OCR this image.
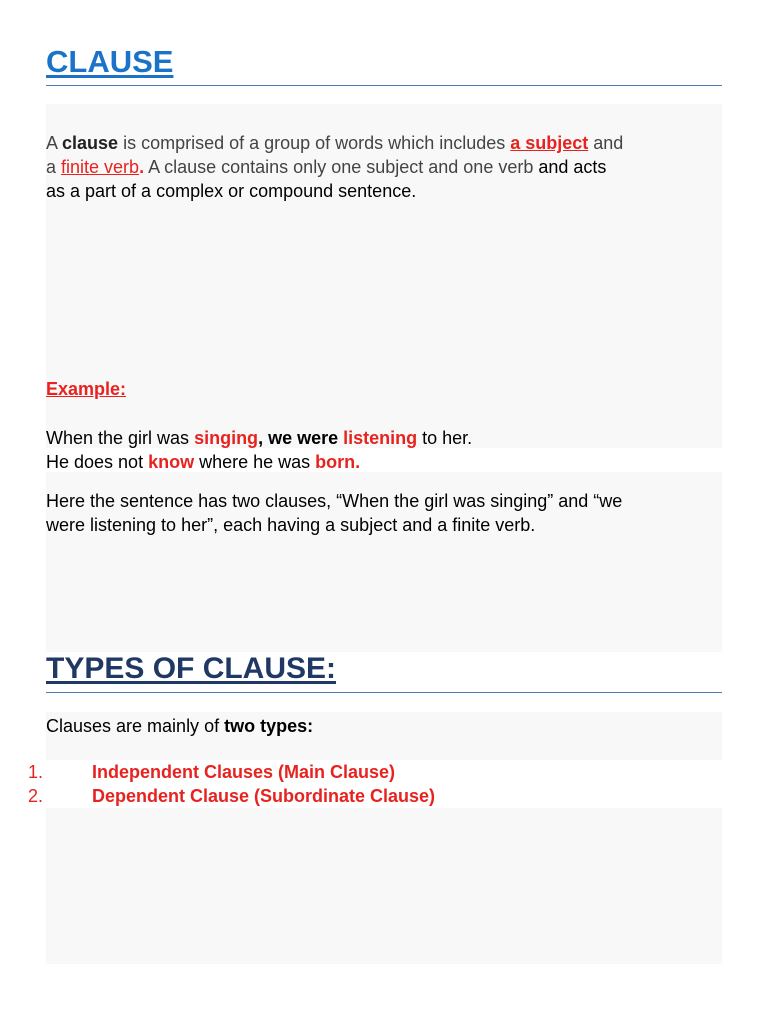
CLAUSE
A clause is comprised of a group of words which includes a subject and
a finite verb. A clause contains only one subject and one verb and acts
as a part of a complex or compound sentence.
Example:
When the girl was singing, we were listening to her.
He does not know where he was born.
Here the sentence has two clauses, “When the girl was singing” and “we
were listening to her”, each having a subject and a finite verb.
TYPES OF CLAUSE:
Clauses are mainly of two types:
1.	Independent Clauses (Main Clause)
2.	Dependent Clause (Subordinate Clause)
